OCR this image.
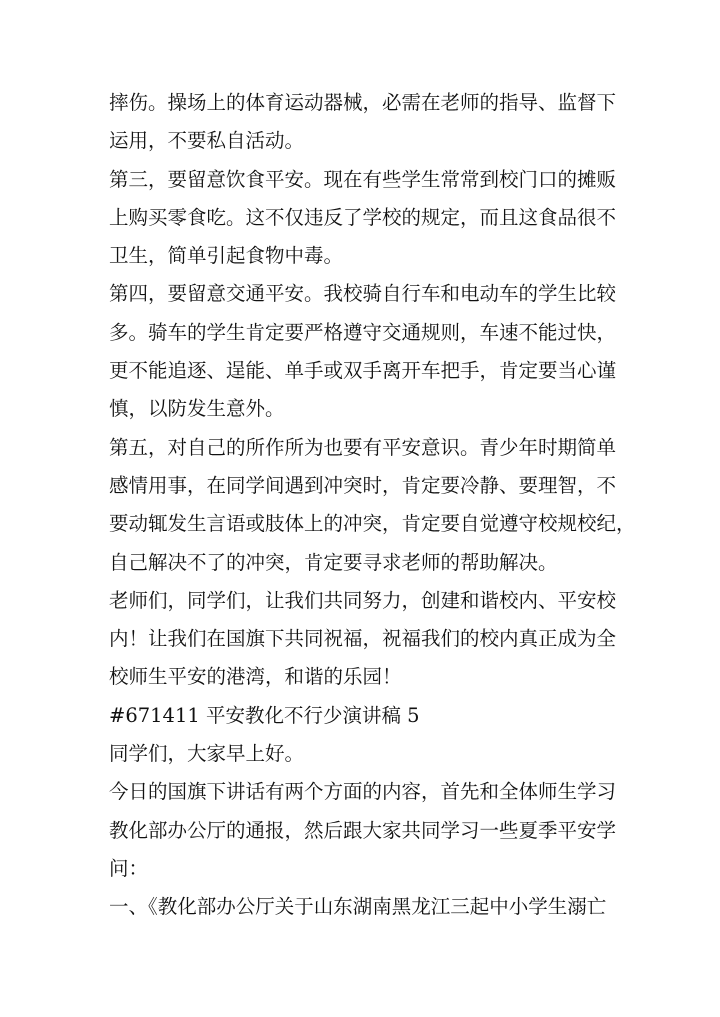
摔伤。操场上的体育运动器械，必需在老师的指导、监督下
运用，不要私自活动。
第三，要留意饮食平安。现在有些学生常常到校门口的摊贩
上购买零食吃。这不仅违反了学校的规定，而且这食品很不
卫生，简单引起食物中毒。
第四，要留意交通平安。我校骑自行车和电动车的学生比较
多。骑车的学生肯定要严格遵守交通规则，车速不能过快，
更不能追逐、逞能、单手或双手离开车把手，肯定要当心谨
慎，以防发生意外。
第五，对自己的所作所为也要有平安意识。青少年时期简单
感情用事，在同学间遇到冲突时，肯定要冷静、要理智，不
要动辄发生言语或肢体上的冲突，肯定要自觉遵守校规校纪，
自己解决不了的冲突，肯定要寻求老师的帮助解决。
老师们，同学们，让我们共同努力，创建和谐校内、平安校
内！让我们在国旗下共同祝福，祝福我们的校内真正成为全
校师生平安的港湾，和谐的乐园！
#671411 平安教化不行少演讲稿 5
同学们，大家早上好。
今日的国旗下讲话有两个方面的内容，首先和全体师生学习
教化部办公厅的通报，然后跟大家共同学习一些夏季平安学
问：
一、《教化部办公厅关于山东湖南黑龙江三起中小学生溺亡
